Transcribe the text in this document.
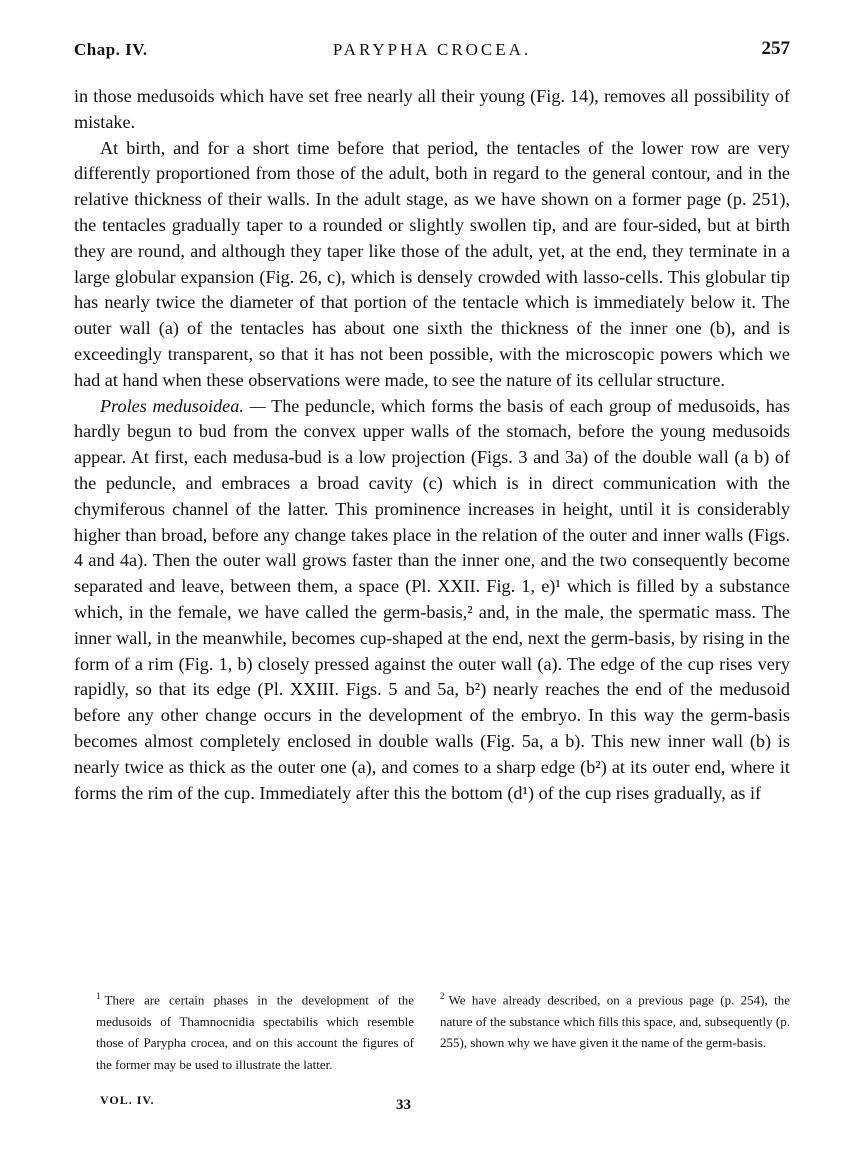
Chap. IV.	PARYPHA CROCEA.	257

in those medusoids which have set free nearly all their young (Fig. 14), removes all possibility of mistake.

At birth, and for a short time before that period, the tentacles of the lower row are very differently proportioned from those of the adult, both in regard to the general contour, and in the relative thickness of their walls. In the adult stage, as we have shown on a former page (p. 251), the tentacles gradually taper to a rounded or slightly swollen tip, and are four-sided, but at birth they are round, and although they taper like those of the adult, yet, at the end, they terminate in a large globular expansion (Fig. 26, c), which is densely crowded with lasso-cells. This globular tip has nearly twice the diameter of that portion of the tentacle which is immediately below it. The outer wall (a) of the tentacles has about one sixth the thickness of the inner one (b), and is exceedingly transparent, so that it has not been possible, with the microscopic powers which we had at hand when these observations were made, to see the nature of its cellular structure.

Proles medusoidea. — The peduncle, which forms the basis of each group of medusoids, has hardly begun to bud from the convex upper walls of the stomach, before the young medusoids appear. At first, each medusa-bud is a low projection (Figs. 3 and 3a) of the double wall (a b) of the peduncle, and embraces a broad cavity (c) which is in direct communication with the chymiferous channel of the latter. This prominence increases in height, until it is considerably higher than broad, before any change takes place in the relation of the outer and inner walls (Figs. 4 and 4a). Then the outer wall grows faster than the inner one, and the two consequently become separated and leave, between them, a space (Pl. XXII. Fig. 1, e)¹ which is filled by a substance which, in the female, we have called the germ-basis,² and, in the male, the spermatic mass. The inner wall, in the meanwhile, becomes cup-shaped at the end, next the germ-basis, by rising in the form of a rim (Fig. 1, b) closely pressed against the outer wall (a). The edge of the cup rises very rapidly, so that its edge (Pl. XXIII. Figs. 5 and 5a, b²) nearly reaches the end of the medusoid before any other change occurs in the development of the embryo. In this way the germ-basis becomes almost completely enclosed in double walls (Fig. 5a, a b). This new inner wall (b) is nearly twice as thick as the outer one (a), and comes to a sharp edge (b²) at its outer end, where it forms the rim of the cup. Immediately after this the bottom (d¹) of the cup rises gradually, as if

$^1$ There are certain phases in the development of the medusoids of Thamnocnidia spectabilis which resemble those of Parypha crocea, and on this account the figures of the former may be used to illustrate the latter.
$^2$ We have already described, on a previous page (p. 254), the nature of the substance which fills this space, and, subsequently (p. 255), shown why we have given it the name of the germ-basis.
VOL. IV.	33
